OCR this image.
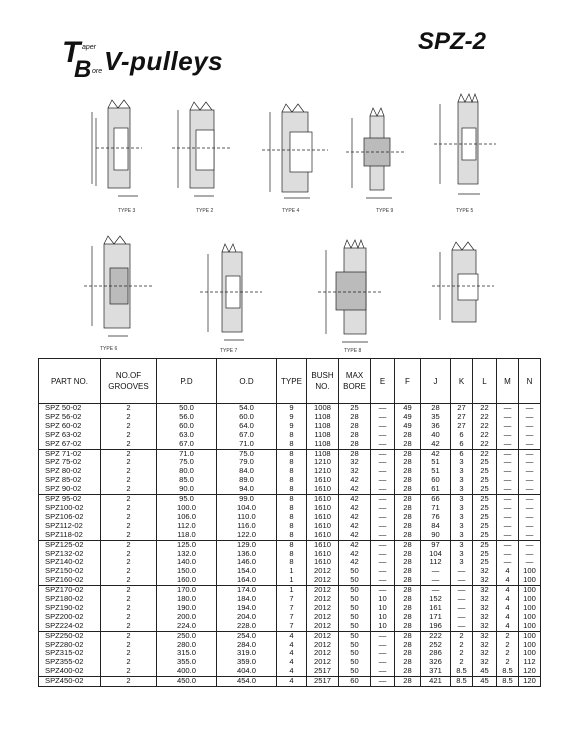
T aper
B ore V-pulleys
SPZ-2
TYPE 2
TYPE 3	TYPE 4	TYPE 5
TYPE 6	TYPE 7	TYPE 8
TYPE 9
PART NO.	NO.OF GROOVES	P.D	O.D	TYPE	BUSH NO.	MAX BORE	E	F	J	K	L	M	N
SPZ 50-02	2	50.0	54.0	9	1008	25	—	49	28	27	22	—	—
SPZ 56-02	2	56.0	60.0	9	1108	28	—	49	35	27	22	—	—
SPZ 60-02	2	60.0	64.0	9	1108	28	—	49	36	27	22	—	—
SPZ 63-02	2	63.0	67.0	8	1108	28	—	28	40	6	22	—	—
SPZ 67-02	2	67.0	71.0	8	1108	28	—	28	42	6	22	—	—
SPZ 71-02	2	71.0	75.0	8	1108	28	—	28	42	6	22	—	—
SPZ 75-02	2	75.0	79.0	8	1210	32	—	28	51	3	25	—	—
SPZ 80-02	2	80.0	84.0	8	1210	32	—	28	51	3	25	—	—
SPZ 85-02	2	85.0	89.0	8	1610	42	—	28	60	3	25	—	—
SPZ 90-02	2	90.0	94.0	8	1610	42	—	28	61	3	25	—	—
SPZ 95-02	2	95.0	99.0	8	1610	42	—	28	66	3	25	—	—
SPZ100-02	2	100.0	104.0	8	1610	42	—	28	71	3	25	—	—
SPZ106-02	2	106.0	110.0	8	1610	42	—	28	76	3	25	—	—
SPZ112-02	2	112.0	116.0	8	1610	42	—	28	84	3	25	—	—
SPZ118-02	2	118.0	122.0	8	1610	42	—	28	90	3	25	—	—
SPZ125-02	2	125.0	129.0	8	1610	42	—	28	97	3	25	—	—
SPZ132-02	2	132.0	136.0	8	1610	42	—	28	104	3	25	—	—
SPZ140-02	2	140.0	146.0	8	1610	42	—	28	112	3	25	—	—
SPZ150-02	2	150.0	154.0	1	2012	50	—	28	—	—	32	4	100
SPZ160-02	2	160.0	164.0	1	2012	50	—	28	—	—	32	4	100
SPZ170-02	2	170.0	174.0	1	2012	50	—	28	—	—	32	4	100
SPZ180-02	2	180.0	184.0	7	2012	50	10	28	152	—	32	4	100
SPZ190-02	2	190.0	194.0	7	2012	50	10	28	161	—	32	4	100
SPZ200-02	2	200.0	204.0	7	2012	50	10	28	171	—	32	4	100
SPZ224-02	2	224.0	228.0	7	2012	50	10	28	196	—	32	4	100
SPZ250-02	2	250.0	254.0	4	2012	50	—	28	222	2	32	2	100
SPZ280-02	2	280.0	284.0	4	2012	50	—	28	252	2	32	2	100
SPZ315-02	2	315.0	319.0	4	2012	50	—	28	286	2	32	2	100
SPZ355-02	2	355.0	359.0	4	2012	50	—	28	326	2	32	2	112
SPZ400-02	2	400.0	404.0	4	2517	50	—	28	371	8.5	45	8.5	120
SPZ450-02	2	450.0	454.0	4	2517	60	—	28	421	8.5	45	8.5	120
